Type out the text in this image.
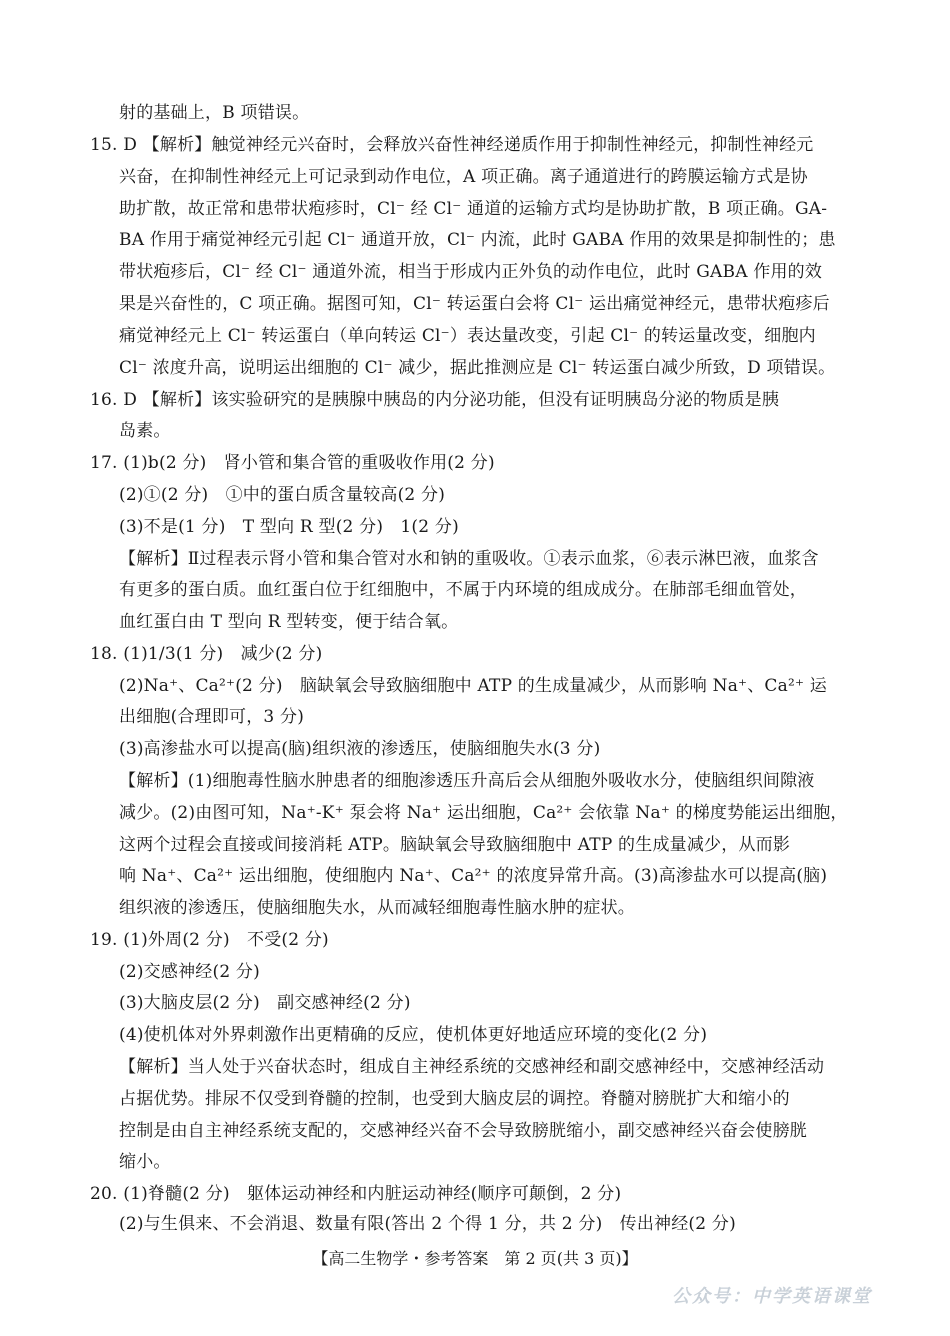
射的基础上，B 项错误。
15. D 【解析】触觉神经元兴奋时，会释放兴奋性神经递质作用于抑制性神经元，抑制性神经元
兴奋，在抑制性神经元上可记录到动作电位，A 项正确。离子通道进行的跨膜运输方式是协
助扩散，故正常和患带状疱疹时，Cl⁻ 经 Cl⁻ 通道的运输方式均是协助扩散，B 项正确。GA-
BA 作用于痛觉神经元引起 Cl⁻ 通道开放，Cl⁻ 内流，此时 GABA 作用的效果是抑制性的；患
带状疱疹后，Cl⁻ 经 Cl⁻ 通道外流，相当于形成内正外负的动作电位，此时 GABA 作用的效
果是兴奋性的，C 项正确。据图可知，Cl⁻ 转运蛋白会将 Cl⁻ 运出痛觉神经元，患带状疱疹后
痛觉神经元上 Cl⁻ 转运蛋白（单向转运 Cl⁻）表达量改变，引起 Cl⁻ 的转运量改变，细胞内
Cl⁻ 浓度升高，说明运出细胞的 Cl⁻ 减少，据此推测应是 Cl⁻ 转运蛋白减少所致，D 项错误。
16. D 【解析】该实验研究的是胰腺中胰岛的内分泌功能，但没有证明胰岛分泌的物质是胰
岛素。
17. (1)b(2 分)　肾小管和集合管的重吸收作用(2 分)
(2)①(2 分)　①中的蛋白质含量较高(2 分)
(3)不是(1 分)　T 型向 R 型(2 分)　1(2 分)
【解析】Ⅱ过程表示肾小管和集合管对水和钠的重吸收。①表示血浆，⑥表示淋巴液，血浆含
有更多的蛋白质。血红蛋白位于红细胞中，不属于内环境的组成成分。在肺部毛细血管处，
血红蛋白由 T 型向 R 型转变，便于结合氧。
18. (1)1/3(1 分)　减少(2 分)
(2)Na⁺、Ca²⁺(2 分)　脑缺氧会导致脑细胞中 ATP 的生成量减少，从而影响 Na⁺、Ca²⁺ 运
出细胞(合理即可，3 分)
(3)高渗盐水可以提高(脑)组织液的渗透压，使脑细胞失水(3 分)
【解析】(1)细胞毒性脑水肿患者的细胞渗透压升高后会从细胞外吸收水分，使脑组织间隙液
减少。(2)由图可知，Na⁺-K⁺ 泵会将 Na⁺ 运出细胞，Ca²⁺ 会依靠 Na⁺ 的梯度势能运出细胞，
这两个过程会直接或间接消耗 ATP。脑缺氧会导致脑细胞中 ATP 的生成量减少，从而影
响 Na⁺、Ca²⁺ 运出细胞，使细胞内 Na⁺、Ca²⁺ 的浓度异常升高。(3)高渗盐水可以提高(脑)
组织液的渗透压，使脑细胞失水，从而减轻细胞毒性脑水肿的症状。
19. (1)外周(2 分)　不受(2 分)
(2)交感神经(2 分)
(3)大脑皮层(2 分)　副交感神经(2 分)
(4)使机体对外界刺激作出更精确的反应，使机体更好地适应环境的变化(2 分)
【解析】当人处于兴奋状态时，组成自主神经系统的交感神经和副交感神经中，交感神经活动
占据优势。排尿不仅受到脊髓的控制，也受到大脑皮层的调控。脊髓对膀胱扩大和缩小的
控制是由自主神经系统支配的，交感神经兴奋不会导致膀胱缩小，副交感神经兴奋会使膀胱
缩小。
20. (1)脊髓(2 分)　躯体运动神经和内脏运动神经(顺序可颠倒，2 分)
(2)与生俱来、不会消退、数量有限(答出 2 个得 1 分，共 2 分)　传出神经(2 分)
【高二生物学・参考答案　第 2 页(共 3 页)】
公众号：中学英语课堂
